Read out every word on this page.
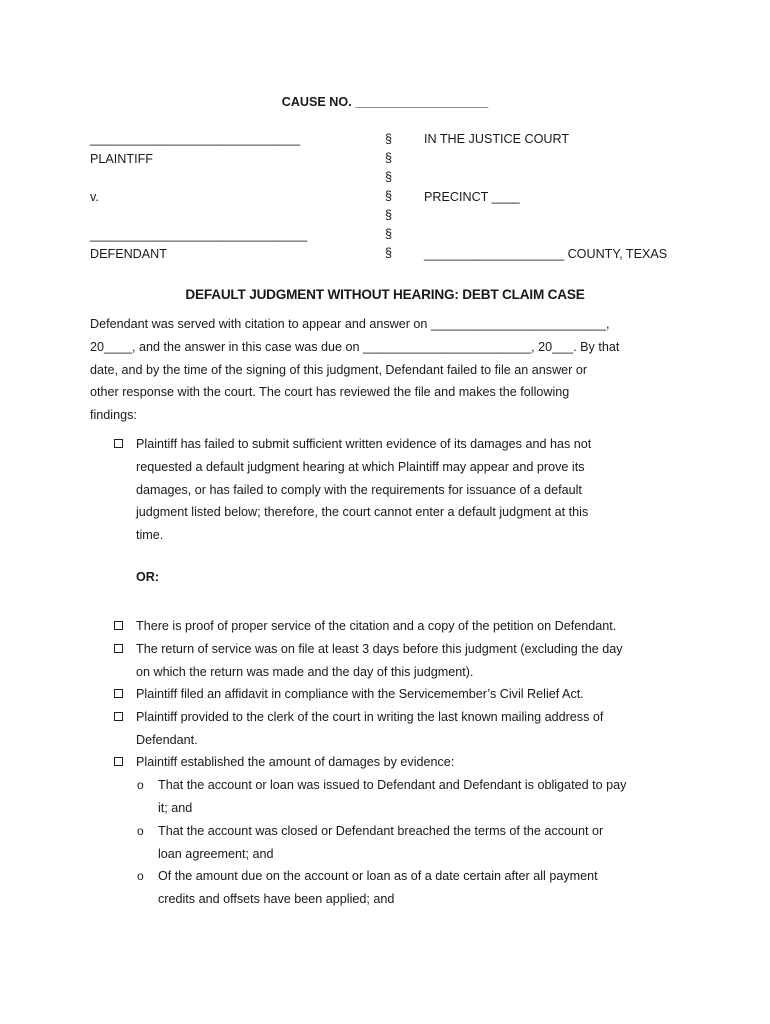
CAUSE NO. ___________________
______________________________
PLAINTIFF
v.
_______________________________
DEFENDANT
§
§
§
§
§
§
§
IN THE JUSTICE COURT
PRECINCT ____
____________________ COUNTY, TEXAS
DEFAULT JUDGMENT WITHOUT HEARING: DEBT CLAIM CASE
Defendant was served with citation to appear and answer on _________________________,
20____, and the answer in this case was due on ________________________, 20___. By that
date, and by the time of the signing of this judgment, Defendant failed to file an answer or
other response with the court. The court has reviewed the file and makes the following
findings:
Plaintiff has failed to submit sufficient written evidence of its damages and has not
requested a default judgment hearing at which Plaintiff may appear and prove its
damages, or has failed to comply with the requirements for issuance of a default
judgment listed below; therefore, the court cannot enter a default judgment at this
time.
OR:
There is proof of proper service of the citation and a copy of the petition on Defendant.
The return of service was on file at least 3 days before this judgment (excluding the day
on which the return was made and the day of this judgment).
Plaintiff filed an affidavit in compliance with the Servicemember’s Civil Relief Act.
Plaintiff provided to the clerk of the court in writing the last known mailing address of
Defendant.
Plaintiff established the amount of damages by evidence:
o That the account or loan was issued to Defendant and Defendant is obligated to pay
it; and
o That the account was closed or Defendant breached the terms of the account or
loan agreement; and
o Of the amount due on the account or loan as of a date certain after all payment
credits and offsets have been applied; and
